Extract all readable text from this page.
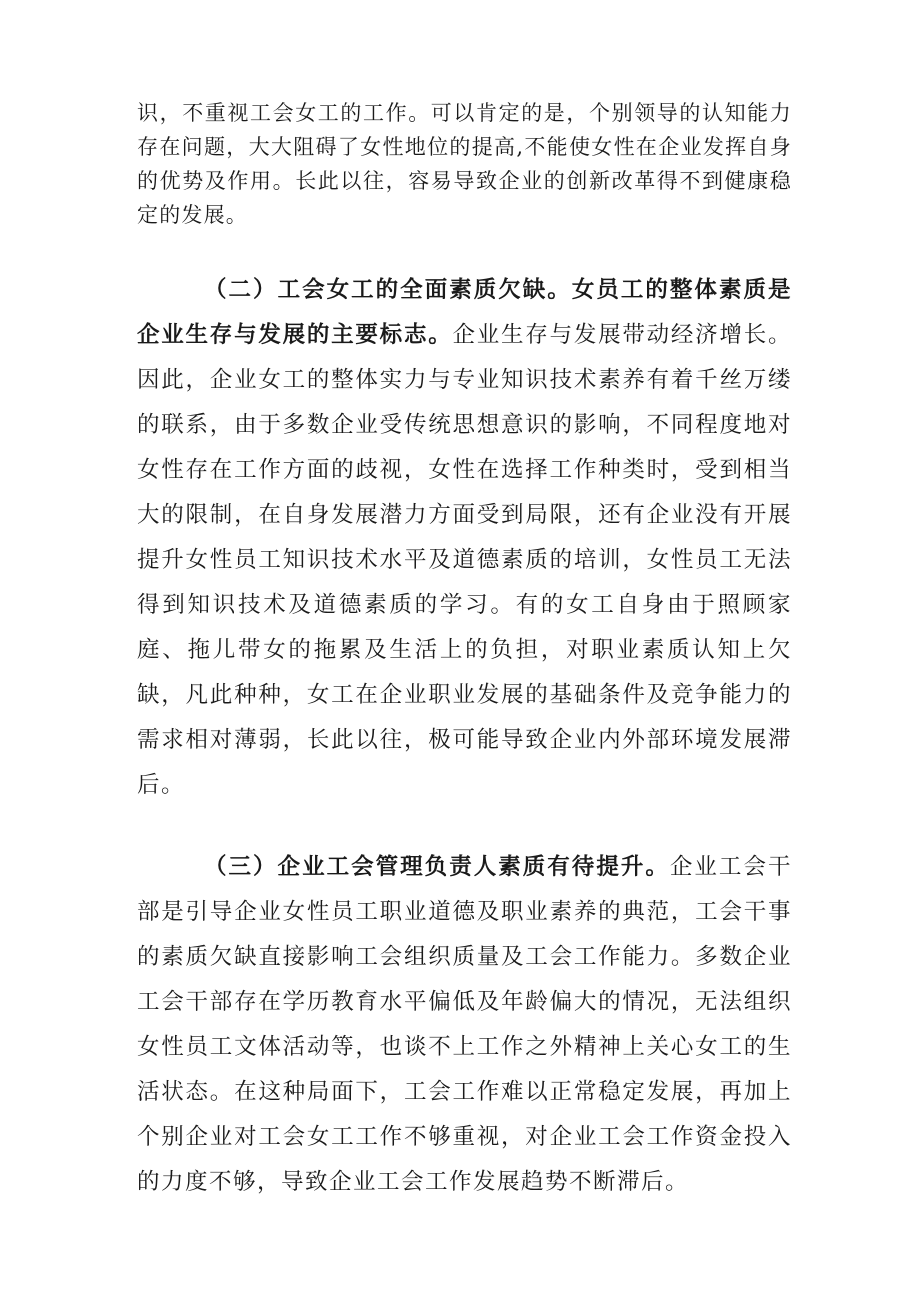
识，不重视工会女工的工作。可以肯定的是，个别领导的认知能力存在问题，大大阻碍了女性地位的提高,不能使女性在企业发挥自身的优势及作用。长此以往，容易导致企业的创新改革得不到健康稳定的发展。

（二）工会女工的全面素质欠缺。女员工的整体素质是企业生存与发展的主要标志。企业生存与发展带动经济增长。因此，企业女工的整体实力与专业知识技术素养有着千丝万缕的联系，由于多数企业受传统思想意识的影响，不同程度地对女性存在工作方面的歧视，女性在选择工作种类时，受到相当大的限制，在自身发展潜力方面受到局限，还有企业没有开展提升女性员工知识技术水平及道德素质的培训，女性员工无法得到知识技术及道德素质的学习。有的女工自身由于照顾家庭、拖儿带女的拖累及生活上的负担，对职业素质认知上欠缺，凡此种种，女工在企业职业发展的基础条件及竞争能力的需求相对薄弱，长此以往，极可能导致企业内外部环境发展滞后。

（三）企业工会管理负责人素质有待提升。企业工会干部是引导企业女性员工职业道德及职业素养的典范，工会干事的素质欠缺直接影响工会组织质量及工会工作能力。多数企业工会干部存在学历教育水平偏低及年龄偏大的情况，无法组织女性员工文体活动等，也谈不上工作之外精神上关心女工的生活状态。在这种局面下，工会工作难以正常稳定发展，再加上个别企业对工会女工工作不够重视，对企业工会工作资金投入的力度不够，导致企业工会工作发展趋势不断滞后。
